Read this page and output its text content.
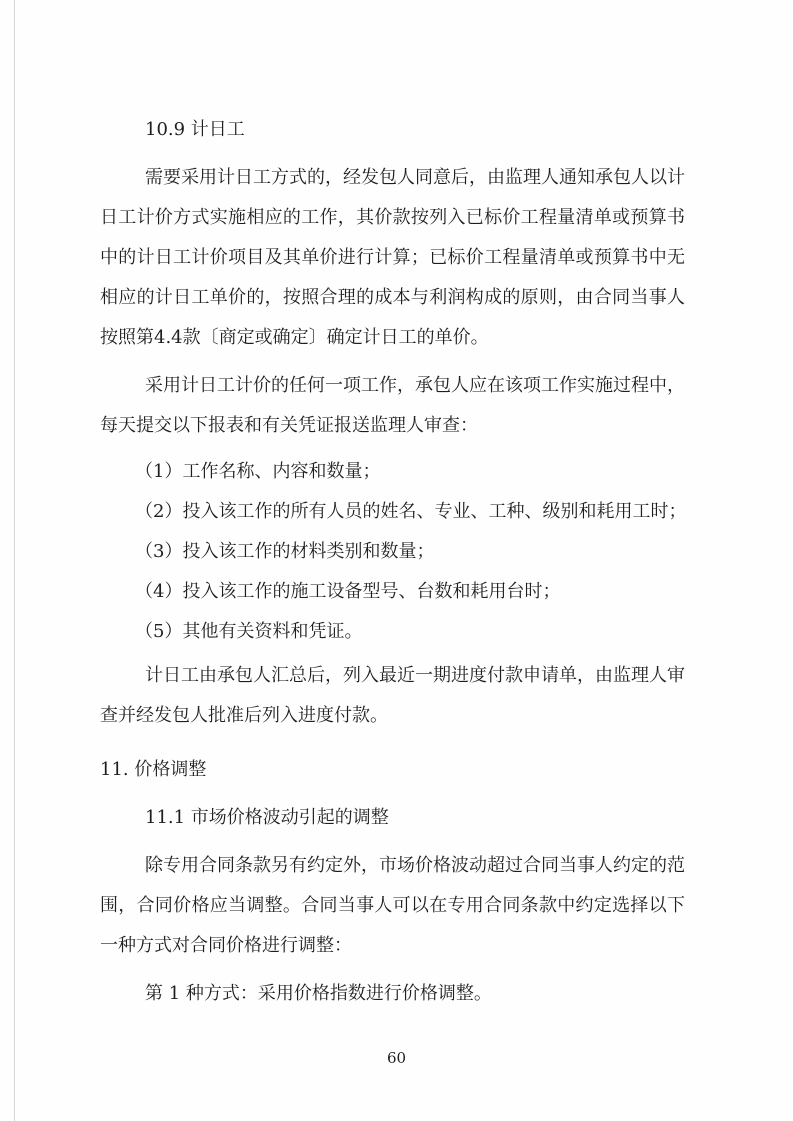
10.9 计日工
需要采用计日工方式的，经发包人同意后，由监理人通知承包人以计
日工计价方式实施相应的工作，其价款按列入已标价工程量清单或预算书
中的计日工计价项目及其单价进行计算；已标价工程量清单或预算书中无
相应的计日工单价的，按照合理的成本与利润构成的原则，由合同当事人
按照第4.4款〔商定或确定〕确定计日工的单价。
采用计日工计价的任何一项工作，承包人应在该项工作实施过程中，
每天提交以下报表和有关凭证报送监理人审查：
（1）工作名称、内容和数量；
（2）投入该工作的所有人员的姓名、专业、工种、级别和耗用工时；
（3）投入该工作的材料类别和数量；
（4）投入该工作的施工设备型号、台数和耗用台时；
（5）其他有关资料和凭证。
计日工由承包人汇总后，列入最近一期进度付款申请单，由监理人审
查并经发包人批准后列入进度付款。
11. 价格调整
11.1 市场价格波动引起的调整
除专用合同条款另有约定外，市场价格波动超过合同当事人约定的范
围，合同价格应当调整。合同当事人可以在专用合同条款中约定选择以下
一种方式对合同价格进行调整：
第 1 种方式：采用价格指数进行价格调整。
60
